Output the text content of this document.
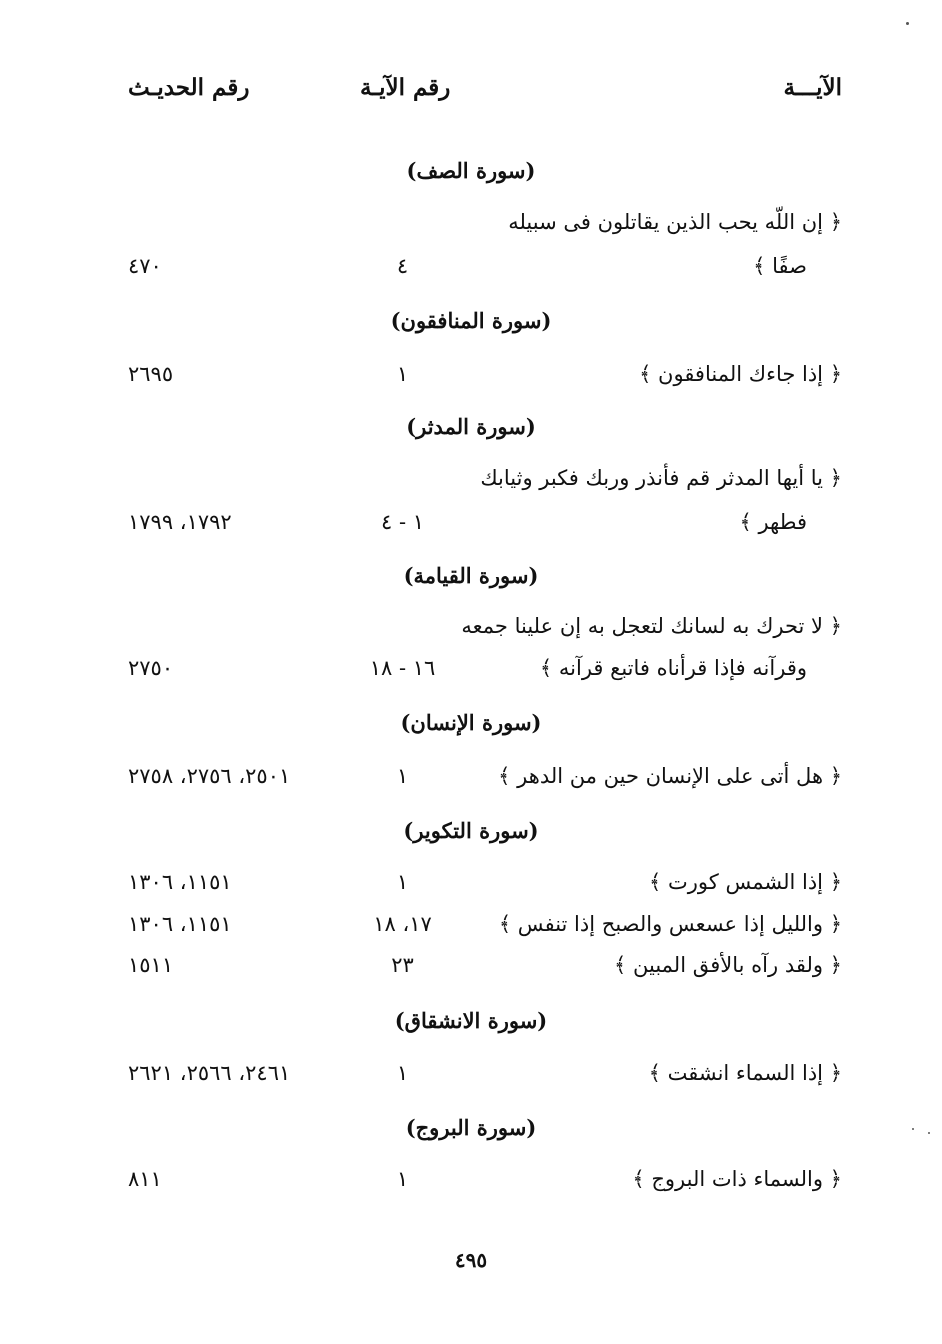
الآيـــة
رقم الآيـة
رقم الحديـث
(سورة الصف)
﴿ إن اللّه يحب الذين يقاتلون فى سبيله
صفًا ﴾
٤
٤٧٠
(سورة المنافقون)
﴿ إذا جاءك المنافقون ﴾
١
٢٦٩٥
(سورة المدثر)
﴿ يا أيها المدثر قم فأنذر وربك فكبر وثيابك
فطهر ﴾
١ - ٤
١٧٩٢، ١٧٩٩
(سورة القيامة)
﴿ لا تحرك به لسانك لتعجل به إن علينا جمعه
وقرآنه فإذا قرأناه فاتبع قرآنه ﴾
١٦ - ١٨
٢٧٥٠
(سورة الإنسان)
﴿ هل أتى على الإنسان حين من الدهر ﴾
١
٢٥٠١، ٢٧٥٦، ٢٧٥٨
(سورة التكوير)
﴿ إذا الشمس كورت ﴾
١
١١٥١، ١٣٠٦
﴿ والليل إذا عسعس والصبح إذا تنفس ﴾
١٧، ١٨
١١٥١، ١٣٠٦
﴿ ولقد رآه بالأفق المبين ﴾
٢٣
١٥١١
(سورة الانشقاق)
﴿ إذا السماء انشقت ﴾
١
٢٤٦١، ٢٥٦٦، ٢٦٢١
(سورة البروج)
﴿ والسماء ذات البروج ﴾
١
٨١١
٤٩٥
